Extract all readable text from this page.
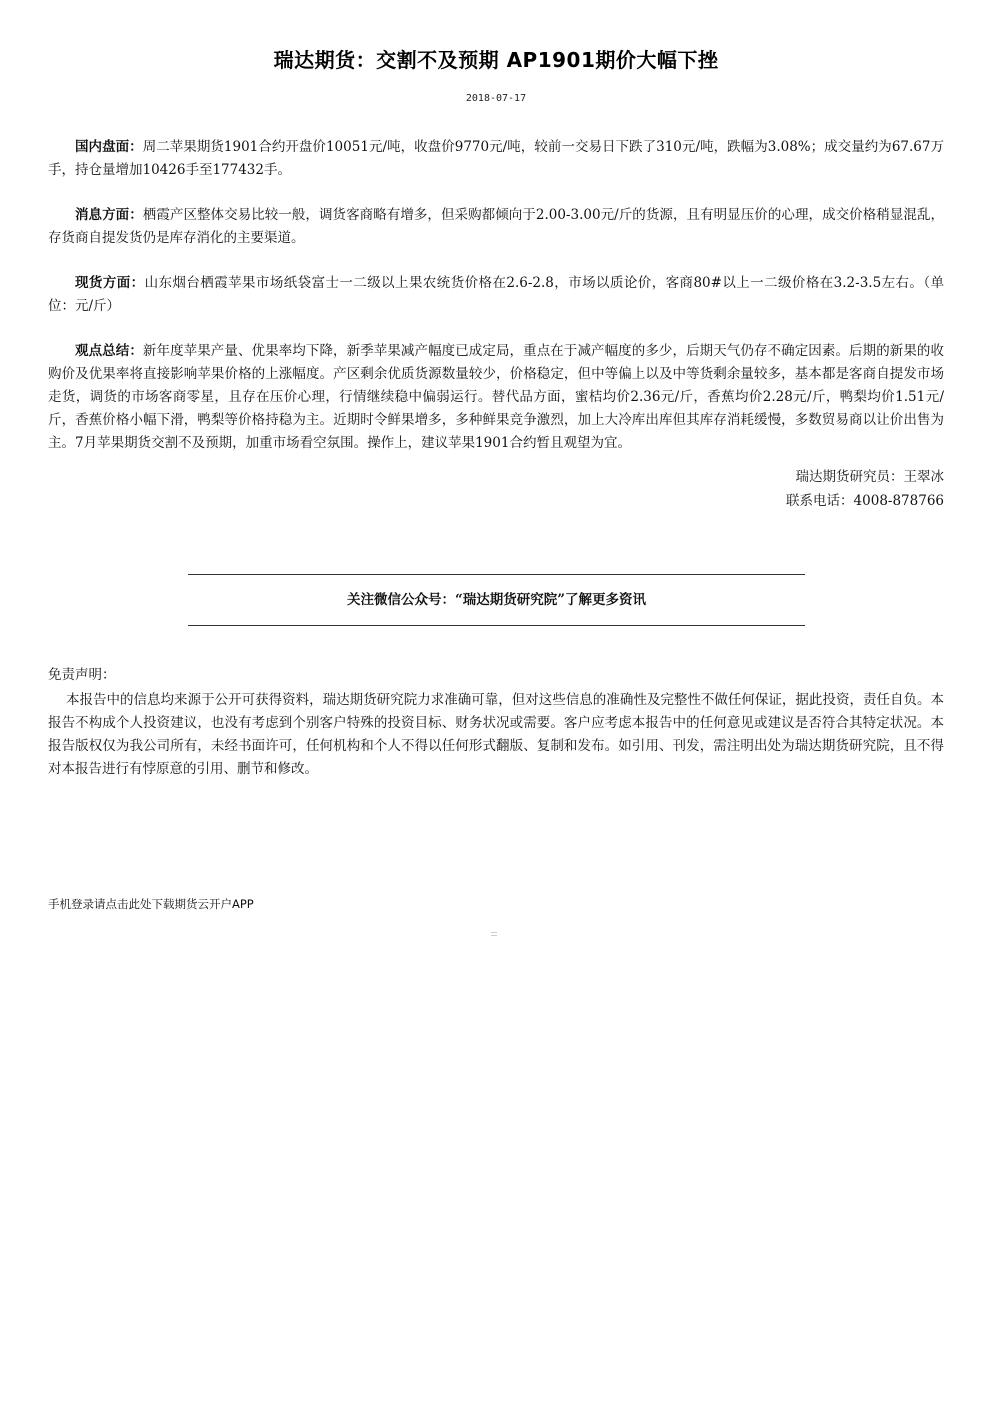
瑞达期货：交割不及预期 AP1901期价大幅下挫
2018-07-17

国内盘面：周二苹果期货1901合约开盘价10051元/吨，收盘价9770元/吨，较前一交易日下跌了310元/吨，跌幅为3.08%；成交量约为67.67万手，持仓量增加10426手至177432手。

消息方面：栖霞产区整体交易比较一般，调货客商略有增多，但采购都倾向于2.00-3.00元/斤的货源，且有明显压价的心理，成交价格稍显混乱，存货商自提发货仍是库存消化的主要渠道。

现货方面：山东烟台栖霞苹果市场纸袋富士一二级以上果农统货价格在2.6-2.8，市场以质论价，客商80#以上一二级价格在3.2-3.5左右。（单位：元/斤）

观点总结：新年度苹果产量、优果率均下降，新季苹果减产幅度已成定局，重点在于减产幅度的多少，后期天气仍存不确定因素。后期的新果的收购价及优果率将直接影响苹果价格的上涨幅度。产区剩余优质货源数量较少，价格稳定，但中等偏上以及中等货剩余量较多，基本都是客商自提发市场走货，调货的市场客商零星，且存在压价心理，行情继续稳中偏弱运行。替代品方面，蜜桔均价2.36元/斤，香蕉均价2.28元/斤，鸭梨均价1.51元/斤，香蕉价格小幅下滑，鸭梨等价格持稳为主。近期时令鲜果增多，多种鲜果竞争激烈，加上大冷库出库但其库存消耗缓慢，多数贸易商以让价出售为主。7月苹果期货交割不及预期，加重市场看空氛围。操作上，建议苹果1901合约暂且观望为宜。

瑞达期货研究员：王翠冰
联系电话：4008-878766
关注微信公众号：“瑞达期货研究院”了解更多资讯

免责声明：

本报告中的信息均来源于公开可获得资料，瑞达期货研究院力求准确可靠，但对这些信息的准确性及完整性不做任何保证，据此投资，责任自负。本报告不构成个人投资建议，也没有考虑到个别客户特殊的投资目标、财务状况或需要。客户应考虑本报告中的任何意见或建议是否符合其特定状况。本报告版权仅为我公司所有，未经书面许可，任何机构和个人不得以任何形式翻版、复制和发布。如引用、刊发，需注明出处为瑞达期货研究院，且不得对本报告进行有悖原意的引用、删节和修改。

手机登录请点击此处下载期货云开户APP
